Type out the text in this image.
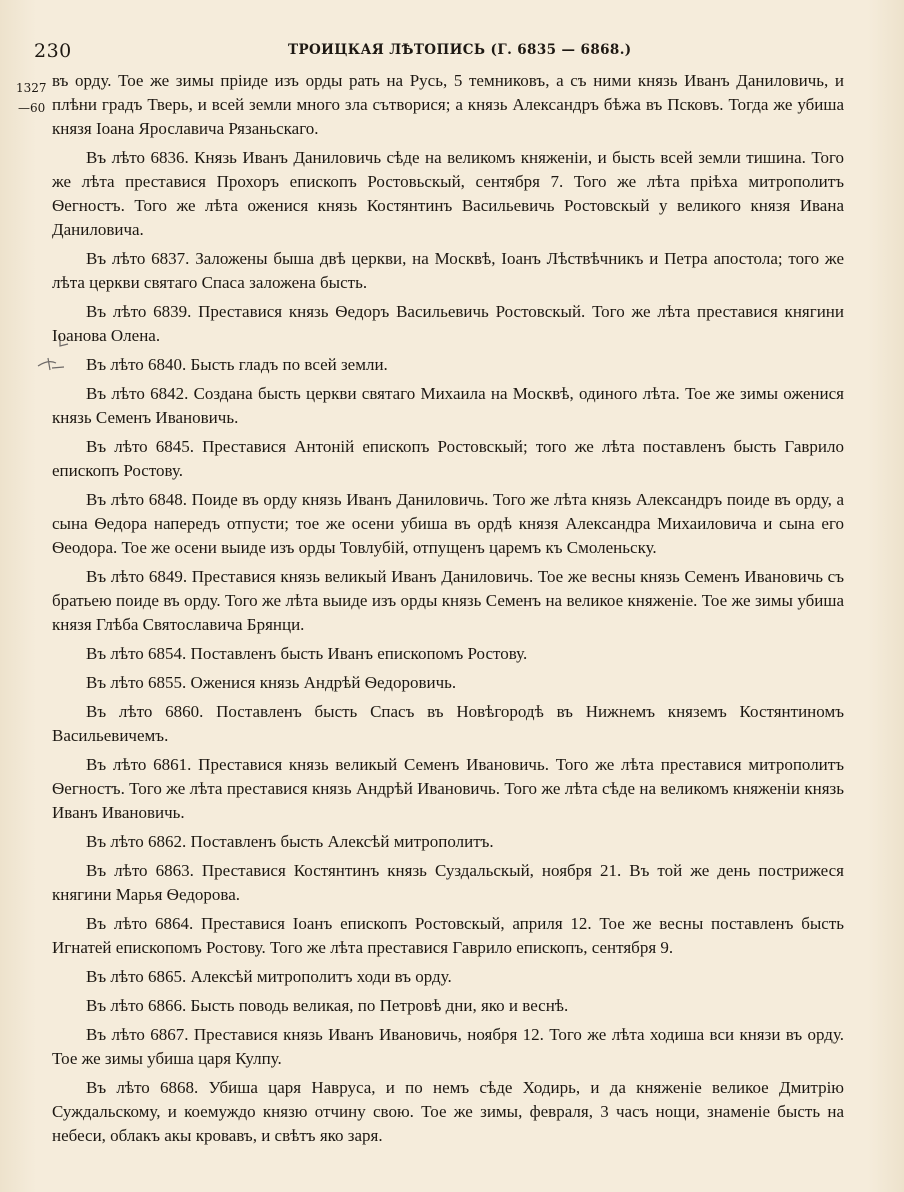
230	ТРОИЦКАЯ ЛѢТОПИСЬ (Г. 6835 — 6868.)
1327
—60

въ орду. Тое же зимы пріиде изъ орды рать на Русь, 5 темниковъ, а съ ними князь Иванъ Даниловичь, и плѣни градъ Тверь, и всей земли много зла сътворися; а князь Александръ бѣжа въ Псковъ. Тогда же убиша князя Іоана Ярославича Рязаньскаго.

Въ лѣто 6836. Князь Иванъ Даниловичь сѣде на великомъ княженіи, и бысть всей земли тишина. Того же лѣта преставися Прохоръ епископъ Ростовьскый, сентября 7. Того же лѣта пріѣха митрополитъ Ѳегностъ. Того же лѣта оженися князь Костянтинъ Васильевичь Ростовскый у великого князя Ивана Даниловича.

Въ лѣто 6837. Заложены быша двѣ церкви, на Москвѣ, Іоанъ Лѣствѣчникъ и Петра апостола; того же лѣта церкви святаго Спаса заложена бысть.

Въ лѣто 6839. Преставися князь Ѳедоръ Васильевичь Ростовскый. Того же лѣта преставися княгини Іоанова Олена.

Въ лѣто 6840. Бысть гладъ по всей земли.

Въ лѣто 6842. Создана бысть церкви святаго Михаила на Москвѣ, одиного лѣта. Тое же зимы оженися князь Семенъ Ивановичь.

Въ лѣто 6845. Преставися Антоній епископъ Ростовскый; того же лѣта поставленъ бысть Гаврило епископъ Ростову.

Въ лѣто 6848. Поиде въ орду князь Иванъ Даниловичь. Того же лѣта князь Александръ поиде въ орду, а сына Ѳедора напередъ отпусти; тое же осени убиша въ ордѣ князя Александра Михаиловича и сына его Ѳеодора. Тое же осени выиде изъ орды Товлубій, отпущенъ царемъ къ Смоленьску.

Въ лѣто 6849. Преставися князь великый Иванъ Даниловичь. Тое же весны князь Семенъ Ивановичь съ братьею поиде въ орду. Того же лѣта выиде изъ орды князь Семенъ на великое княженіе. Тое же зимы убиша князя Глѣба Святославича Брянци.

Въ лѣто 6854. Поставленъ бысть Иванъ епископомъ Ростову.

Въ лѣто 6855. Оженися князь Андрѣй Ѳедоровичь.

Въ лѣто 6860. Поставленъ бысть Спасъ въ Новѣгородѣ въ Нижнемъ княземъ Костянтиномъ Васильевичемъ.

Въ лѣто 6861. Преставися князь великый Семенъ Ивановичь. Того же лѣта преставися митрополитъ Ѳегностъ. Того же лѣта преставися князь Андрѣй Ивановичь. Того же лѣта сѣде на великомъ княженіи князь Иванъ Ивановичь.

Въ лѣто 6862. Поставленъ бысть Алексѣй митрополитъ.

Въ лѣто 6863. Преставися Костянтинъ князь Суздальскый, ноября 21. Въ той же день пострижеся княгини Марья Ѳедорова.

Въ лѣто 6864. Преставися Іоанъ епископъ Ростовскый, априля 12. Тое же весны поставленъ бысть Игнатей епископомъ Ростову. Того же лѣта преставися Гаврило епископъ, сентября 9.

Въ лѣто 6865. Алексѣй митрополитъ ходи въ орду.

Въ лѣто 6866. Бысть поводь великая, по Петровѣ дни, яко и веснѣ.

Въ лѣто 6867. Преставися князь Иванъ Ивановичь, ноября 12. Того же лѣта ходиша вси князи въ орду. Тое же зимы убиша царя Кулпу.

Въ лѣто 6868. Убиша царя Навруса, и по немъ сѣде Ходирь, и да княженіе великое Дмитрію Суждальскому, и коемуждо князю отчину свою. Тое же зимы, февраля, 3 часъ нощи, знаменіе бысть на небеси, облакъ акы кровавъ, и свѣтъ яко заря.
